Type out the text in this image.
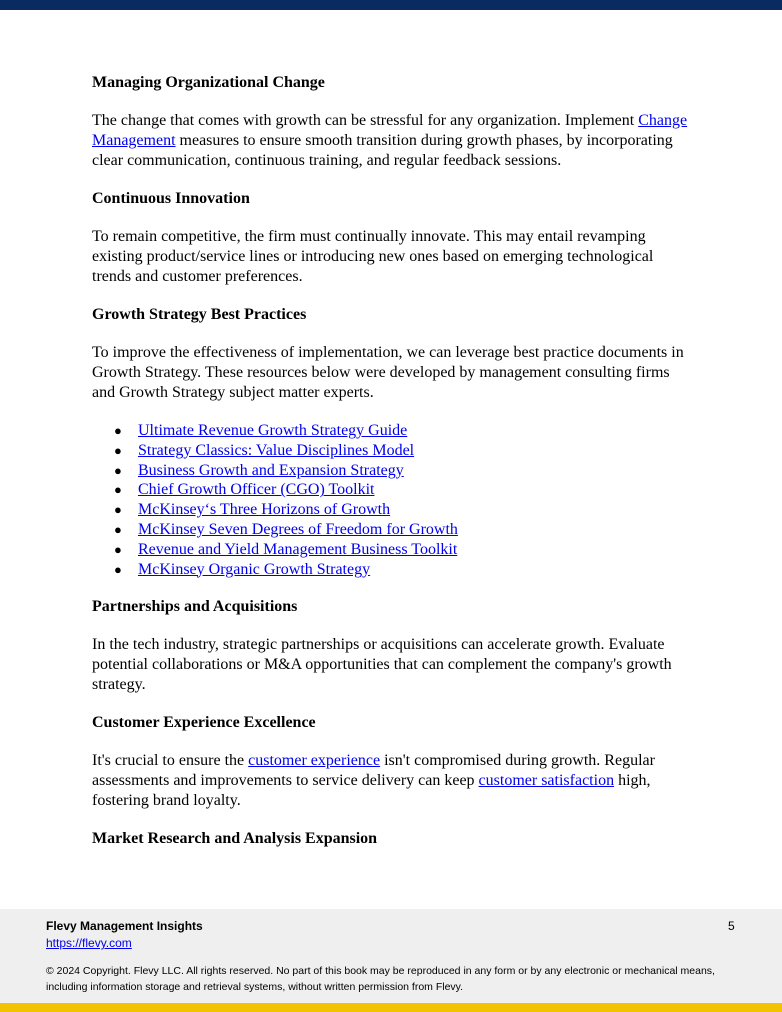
Managing Organizational Change

The change that comes with growth can be stressful for any organization. Implement Change Management measures to ensure smooth transition during growth phases, by incorporating clear communication, continuous training, and regular feedback sessions.

Continuous Innovation

To remain competitive, the firm must continually innovate. This may entail revamping existing product/service lines or introducing new ones based on emerging technological trends and customer preferences.

Growth Strategy Best Practices

To improve the effectiveness of implementation, we can leverage best practice documents in Growth Strategy. These resources below were developed by management consulting firms and Growth Strategy subject matter experts.

● Ultimate Revenue Growth Strategy Guide
● Strategy Classics: Value Disciplines Model
● Business Growth and Expansion Strategy
● Chief Growth Officer (CGO) Toolkit
● McKinsey‘s Three Horizons of Growth
● McKinsey Seven Degrees of Freedom for Growth
● Revenue and Yield Management Business Toolkit
● McKinsey Organic Growth Strategy
Partnerships and Acquisitions

In the tech industry, strategic partnerships or acquisitions can accelerate growth. Evaluate potential collaborations or M&A opportunities that can complement the company's growth strategy.

Customer Experience Excellence

It's crucial to ensure the customer experience isn't compromised during growth. Regular assessments and improvements to service delivery can keep customer satisfaction high, fostering brand loyalty.

Market Research and Analysis Expansion
Flevy Management Insights
https://flevy.com
5
© 2024 Copyright. Flevy LLC. All rights reserved. No part of this book may be reproduced in any form or by any electronic or mechanical means, including information storage and retrieval systems, without written permission from Flevy.
